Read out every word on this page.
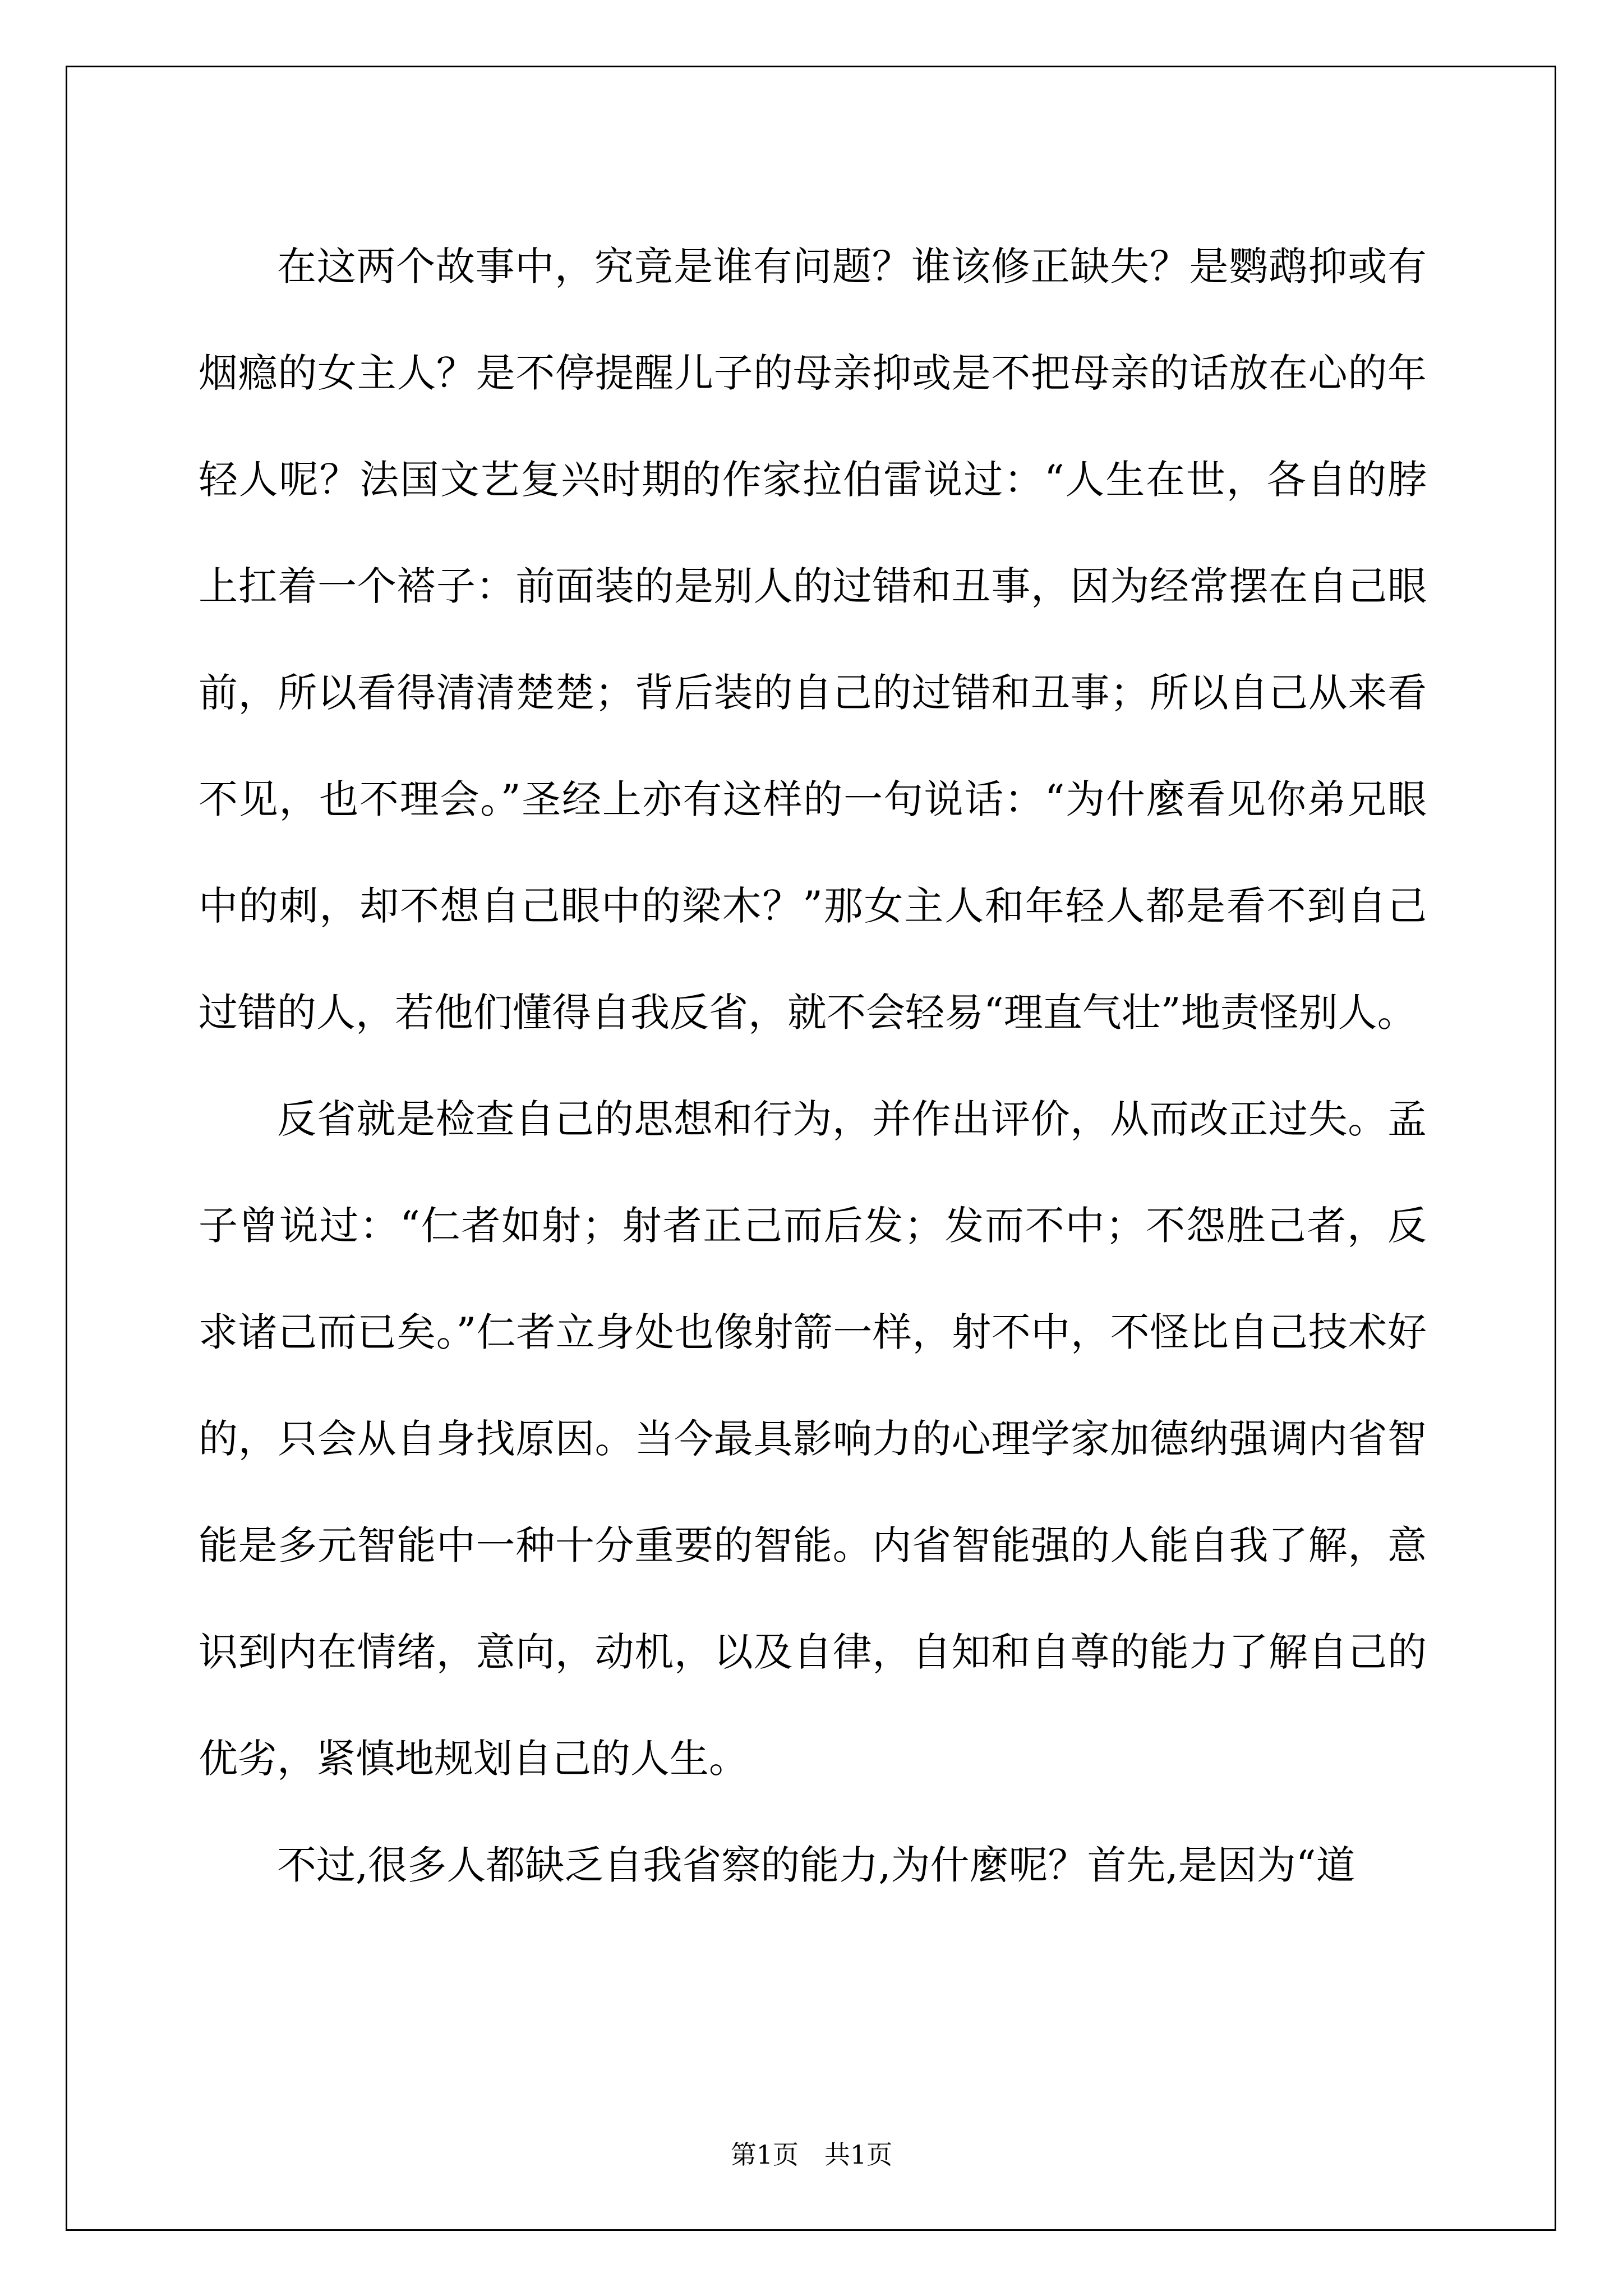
在这两个故事中，究竟是谁有问题？谁该修正缺失？是鹦鹉抑或有烟瘾的女主人？是不停提醒儿子的母亲抑或是不把母亲的话放在心的年轻人呢？法国文艺复兴时期的作家拉伯雷说过：“人生在世，各自的脖上扛着一个褡子：前面装的是别人的过错和丑事，因为经常摆在自己眼前，所以看得清清楚楚；背后装的自己的过错和丑事；所以自己从来看不见，也不理会。”圣经上亦有这样的一句说话：“为什麼看见你弟兄眼中的刺，却不想自己眼中的梁木？”那女主人和年轻人都是看不到自己过错的人，若他们懂得自我反省，就不会轻易“理直气壮”地责怪别人。

反省就是检查自己的思想和行为，并作出评价，从而改正过失。孟子曾说过：“仁者如射；射者正己而后发；发而不中；不怨胜己者，反求诸己而已矣。”仁者立身处也像射箭一样，射不中，不怪比自己技术好的，只会从自身找原因。当今最具影响力的心理学家加德纳强调内省智能是多元智能中一种十分重要的智能。内省智能强的人能自我了解，意识到内在情绪，意向，动机，以及自律，自知和自尊的能力了解自己的优劣，紧慎地规划自己的人生。

不过,很多人都缺乏自我省察的能力,为什麼呢？首先,是因为“道

第1页　共1页
